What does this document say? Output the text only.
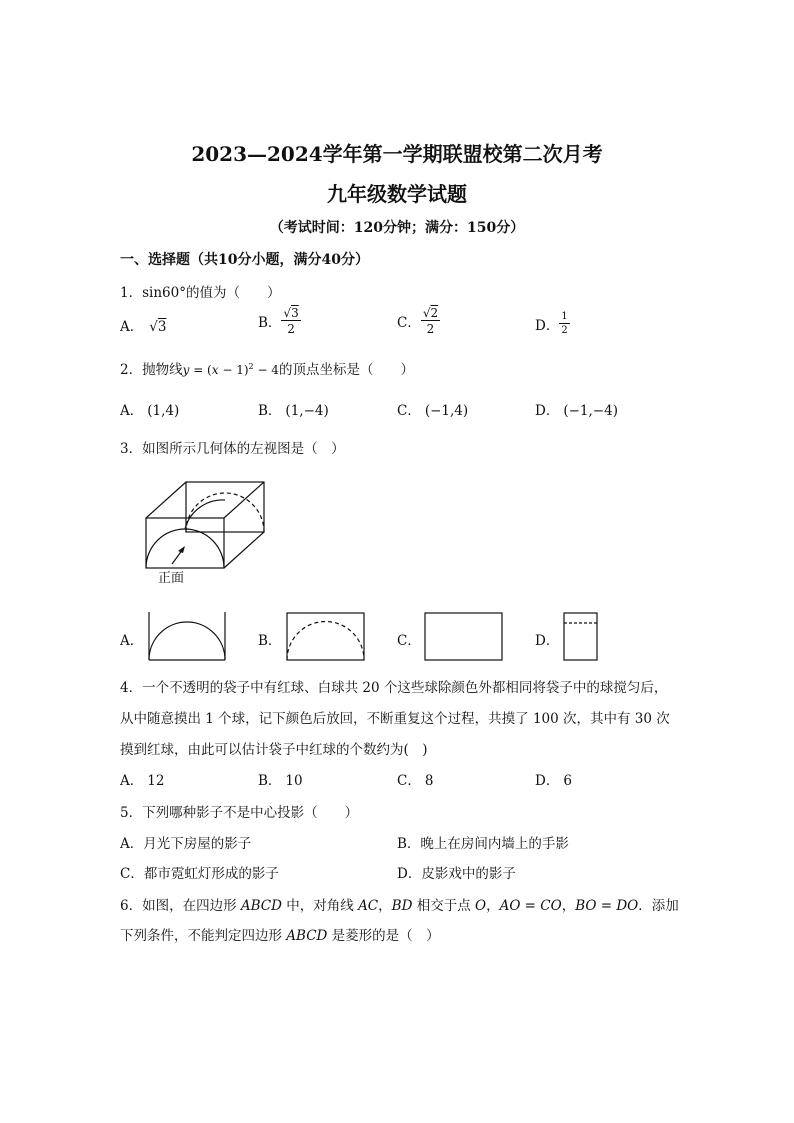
2023—2024学年第一学期联盟校第二次月考
九年级数学试题
（考试时间：120分钟；满分：150分）
一、选择题（共10分小题，满分40分）
1．sin60°的值为（　　）
A． √3	B． $\frac{√3}{2}$	C． $\frac{√2}{2}$	D． $\frac{1}{2}$
2．抛物线$y = (x - 1)^2 - 4$的顶点坐标是（　　）
A． (1,4)	B． (1,−4)	C． (−1,4)	D． (−1,−4)
3．如图所示几何体的左视图是（　）
正面
A．	B．	C．	D．
4．一个不透明的袋子中有红球、白球共 20 个这些球除颜色外都相同将袋子中的球搅匀后，
从中随意摸出 1 个球，记下颜色后放回，不断重复这个过程，共摸了 100 次，其中有 30 次
摸到红球，由此可以估计袋子中红球的个数约为(　)
A． 12	B． 10	C． 8	D． 6
5．下列哪种影子不是中心投影（　　）
A．月光下房屋的影子	B．晚上在房间内墙上的手影
C．都市霓虹灯形成的影子	D．皮影戏中的影子
6．如图，在四边形 ABCD 中，对角线 AC，BD 相交于点 O，AO = CO，BO = DO．添加
下列条件，不能判定四边形 ABCD 是菱形的是（　）
